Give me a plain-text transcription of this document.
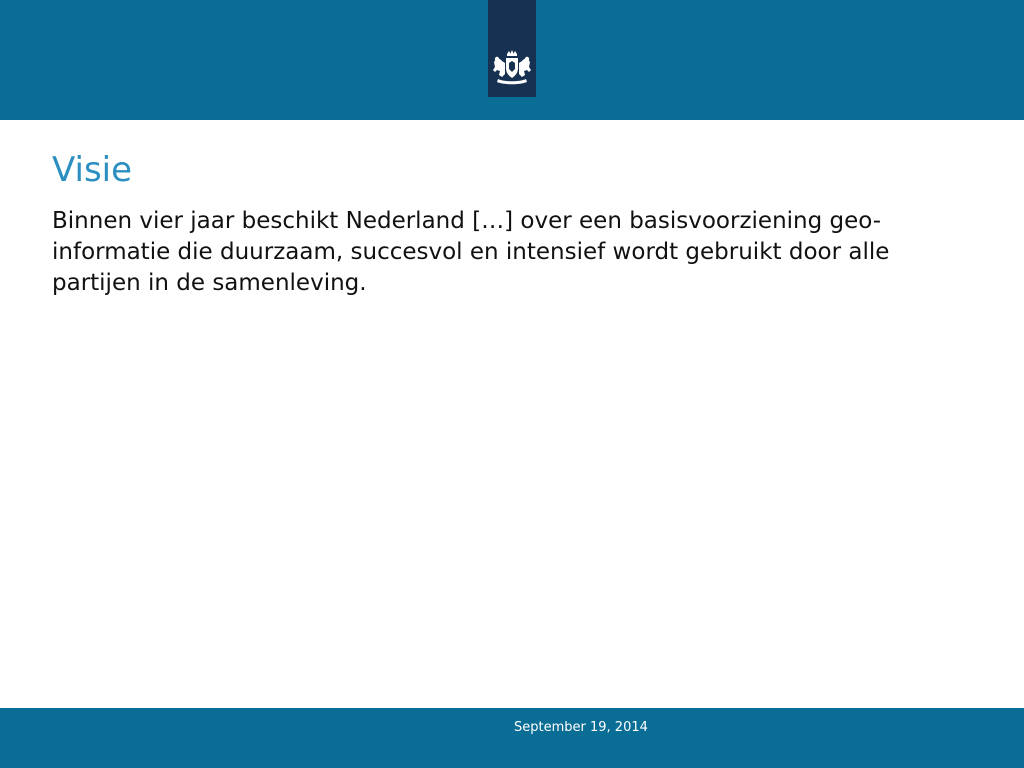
Visie

Binnen vier jaar beschikt Nederland […] over een basisvoorziening geo-informatie die duurzaam, succesvol en intensief wordt gebruikt door alle partijen in de samenleving.

September 19, 2014
